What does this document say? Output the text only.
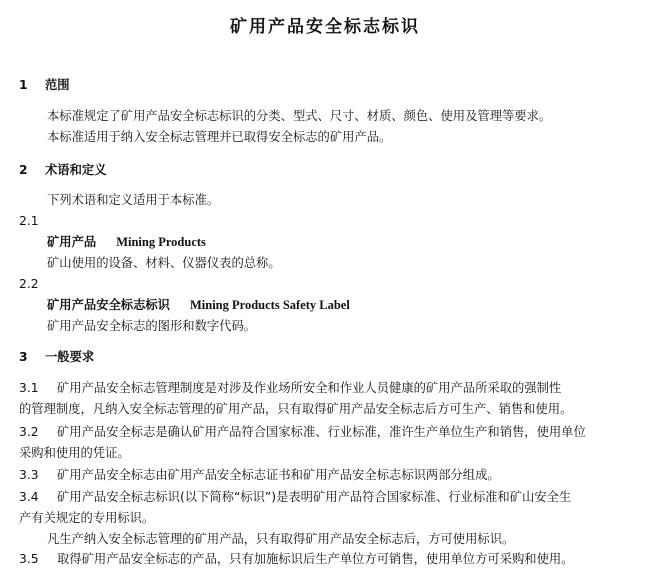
矿用产品安全标志标识
1 范围
本标准规定了矿用产品安全标志标识的分类、型式、尺寸、材质、颜色、使用及管理等要求。
本标准适用于纳入安全标志管理并已取得安全标志的矿用产品。
2 术语和定义
下列术语和定义适用于本标准。
2.1
矿用产品 Mining Products
矿山使用的设备、材料、仪器仪表的总称。
2.2
矿用产品安全标志标识 Mining Products Safety Label
矿用产品安全标志的图形和数字代码。
3 一般要求
3.1 矿用产品安全标志管理制度是对涉及作业场所安全和作业人员健康的矿用产品所采取的强制性
的管理制度，凡纳入安全标志管理的矿用产品，只有取得矿用产品安全标志后方可生产、销售和使用。
3.2 矿用产品安全标志是确认矿用产品符合国家标准、行业标准，准许生产单位生产和销售，使用单位
采购和使用的凭证。
3.3 矿用产品安全标志由矿用产品安全标志证书和矿用产品安全标志标识两部分组成。
3.4 矿用产品安全标志标识(以下简称“标识”)是表明矿用产品符合国家标准、行业标准和矿山安全生
产有关规定的专用标识。
凡生产纳入安全标志管理的矿用产品，只有取得矿用产品安全标志后，方可使用标识。
3.5 取得矿用产品安全标志的产品，只有加施标识后生产单位方可销售，使用单位方可采购和使用。
